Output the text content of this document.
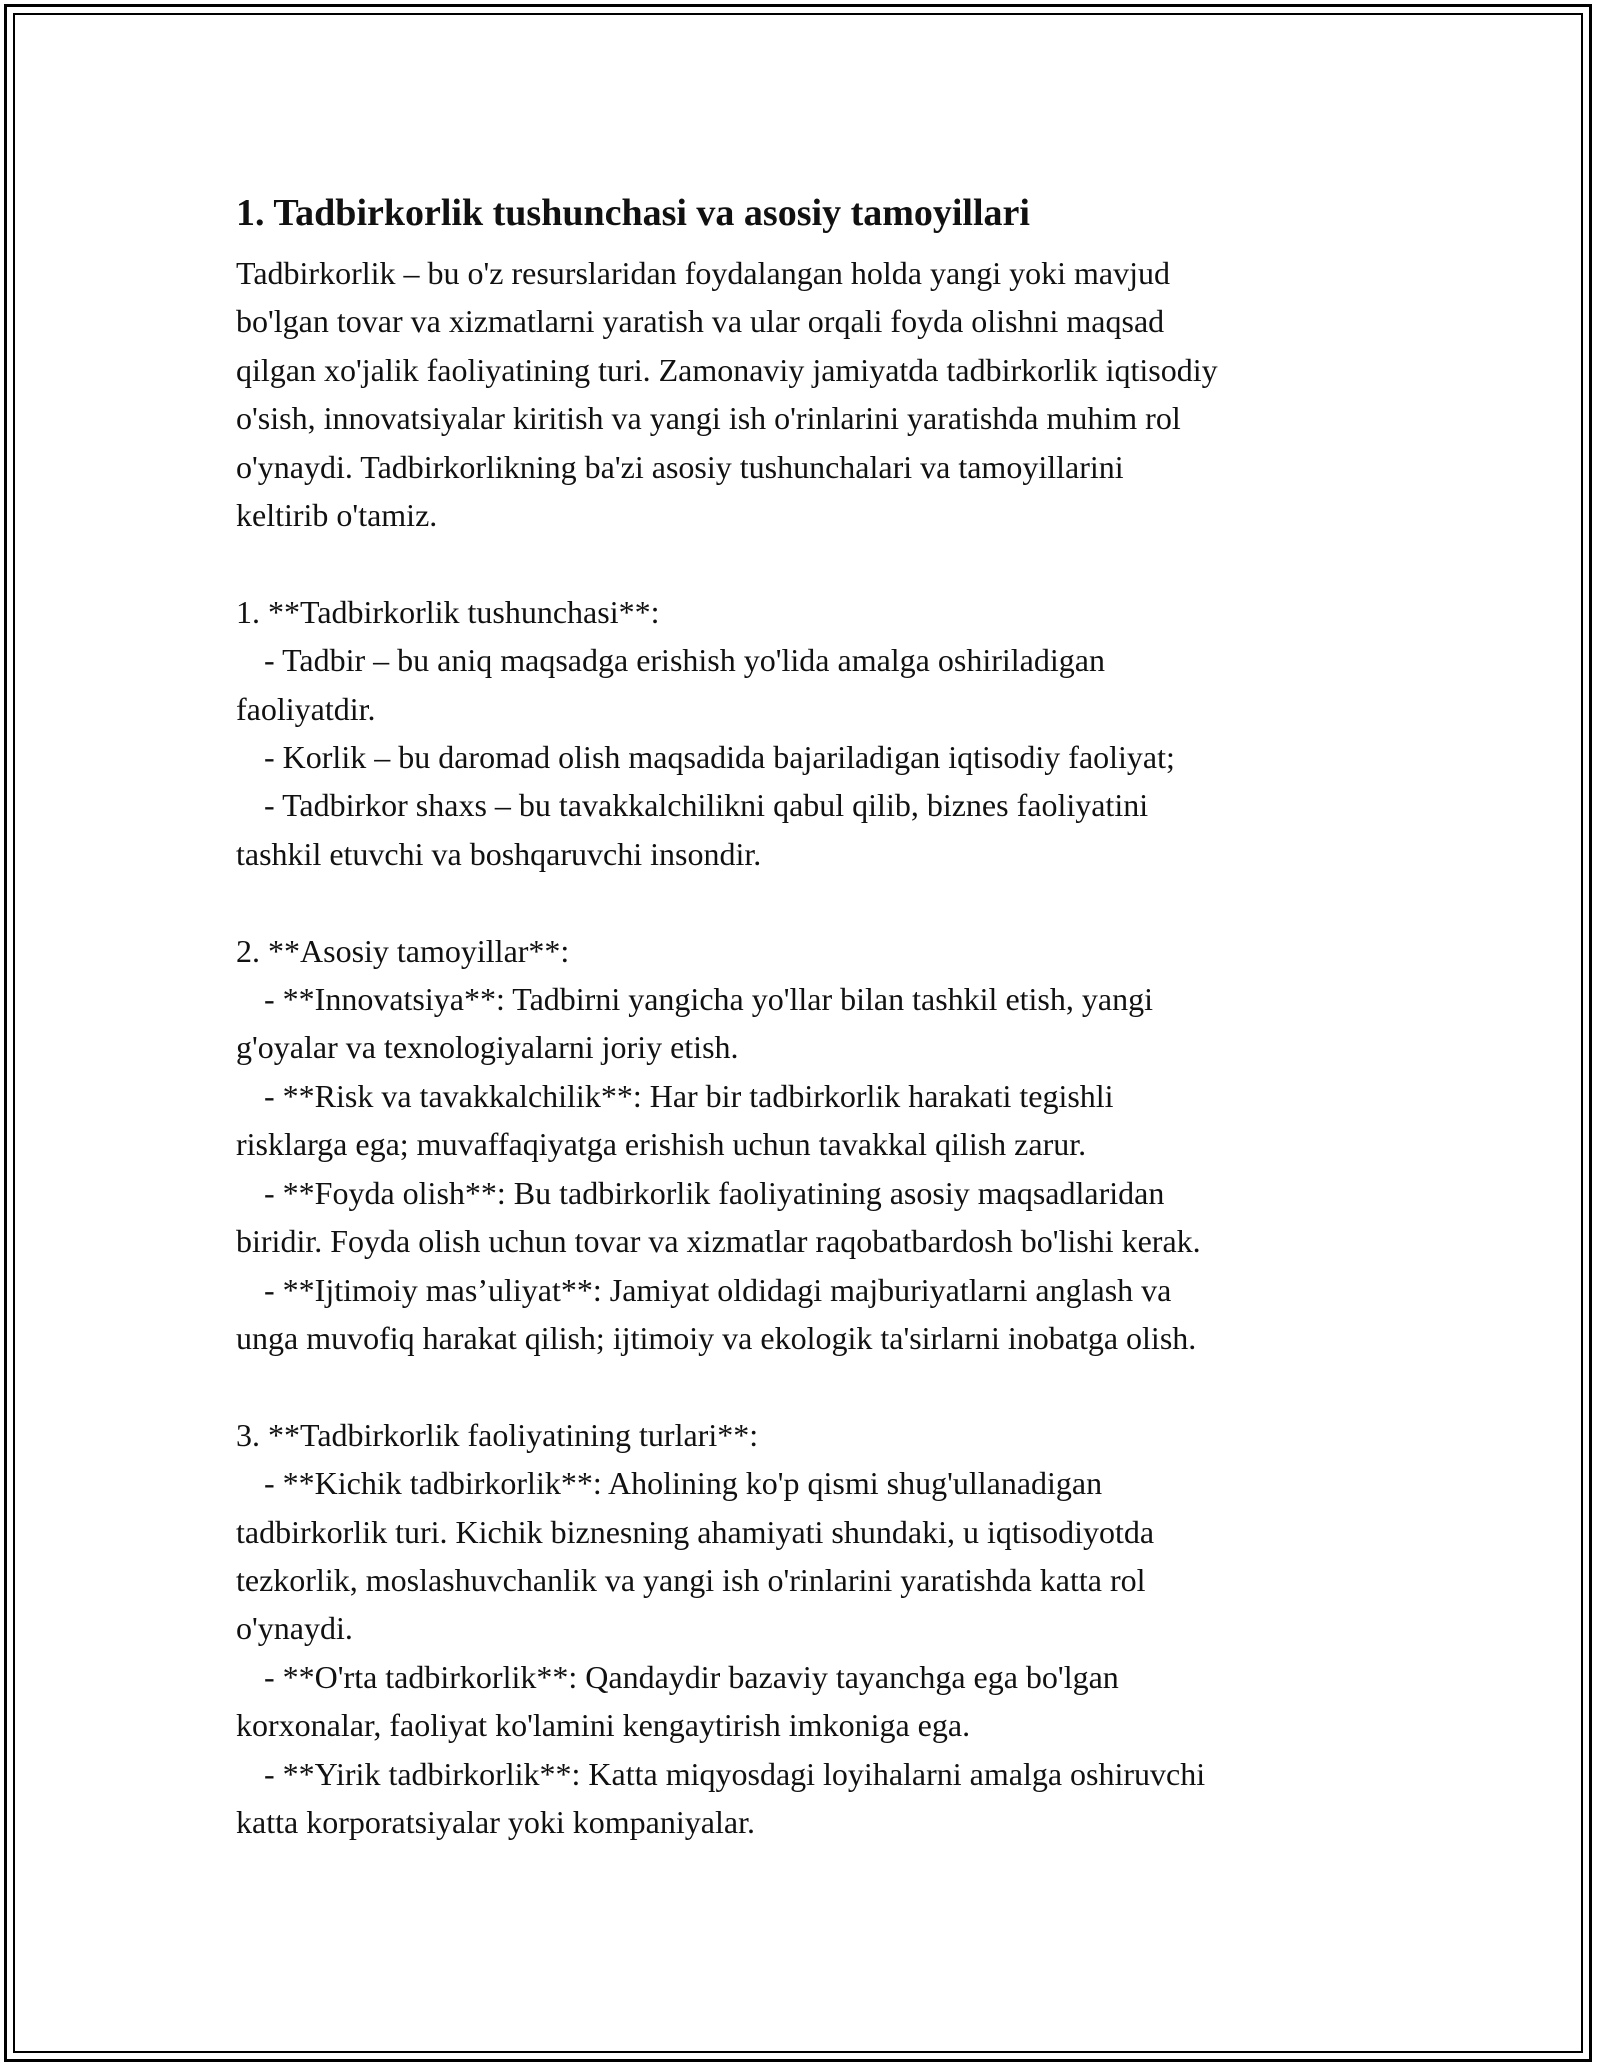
1. Tadbirkorlik tushunchasi va asosiy tamoyillari
Tadbirkorlik – bu o'z resurslaridan foydalangan holda yangi yoki mavjud
bo'lgan tovar va xizmatlarni yaratish va ular orqali foyda olishni maqsad
qilgan xo'jalik faoliyatining turi. Zamonaviy jamiyatda tadbirkorlik iqtisodiy
o'sish, innovatsiyalar kiritish va yangi ish o'rinlarini yaratishda muhim rol
o'ynaydi. Tadbirkorlikning ba'zi asosiy tushunchalari va tamoyillarini
keltirib o'tamiz.
1. **Tadbirkorlik tushunchasi**:
- Tadbir – bu aniq maqsadga erishish yo'lida amalga oshiriladigan
faoliyatdir.
- Korlik – bu daromad olish maqsadida bajariladigan iqtisodiy faoliyat;
- Tadbirkor shaxs – bu tavakkalchilikni qabul qilib, biznes faoliyatini
tashkil etuvchi va boshqaruvchi insondir.
2. **Asosiy tamoyillar**:
- **Innovatsiya**: Tadbirni yangicha yo'llar bilan tashkil etish, yangi
g'oyalar va texnologiyalarni joriy etish.
- **Risk va tavakkalchilik**: Har bir tadbirkorlik harakati tegishli
risklarga ega; muvaffaqiyatga erishish uchun tavakkal qilish zarur.
- **Foyda olish**: Bu tadbirkorlik faoliyatining asosiy maqsadlaridan
biridir. Foyda olish uchun tovar va xizmatlar raqobatbardosh bo'lishi kerak.
- **Ijtimoiy mas’uliyat**: Jamiyat oldidagi majburiyatlarni anglash va
unga muvofiq harakat qilish; ijtimoiy va ekologik ta'sirlarni inobatga olish.
3. **Tadbirkorlik faoliyatining turlari**:
- **Kichik tadbirkorlik**: Aholining ko'p qismi shug'ullanadigan
tadbirkorlik turi. Kichik biznesning ahamiyati shundaki, u iqtisodiyotda
tezkorlik, moslashuvchanlik va yangi ish o'rinlarini yaratishda katta rol
o'ynaydi.
- **O'rta tadbirkorlik**: Qandaydir bazaviy tayanchga ega bo'lgan
korxonalar, faoliyat ko'lamini kengaytirish imkoniga ega.
- **Yirik tadbirkorlik**: Katta miqyosdagi loyihalarni amalga oshiruvchi
katta korporatsiyalar yoki kompaniyalar.
